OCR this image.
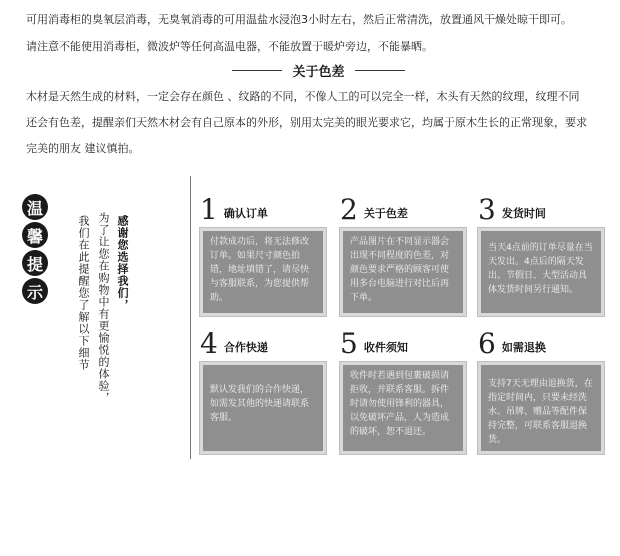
可用消毒柜的臭氧层消毒，无臭氧消毒的可用温盐水浸泡3小时左右，然后正常清洗，放置通风干燥处晾干即可。
请注意不能使用消毒柜，微波炉等任何高温电器，不能放置于暖炉旁边，不能暴晒。
关于色差
木材是天然生成的材料，一定会存在颜色 、纹路的不同，不像人工的可以完全一样，木头有天然的纹理，纹理不同
还会有色差，提醒亲们天然木材会有自己原本的外形，别用太完美的眼光要求它，均属于原木生长的正常现象，要求
完美的朋友 建议慎拍。
温
馨
提
示	感谢您选择我们，
为了让您在购物中有更愉悦的体验，
我们在此提醒您了解以下细节
1 确认订单
付款成功后，将无法修改订单。如果尺寸颜色拍错，地址填错了，请尽快与客服联系，为您提供帮助。
2 关于色差
产品图片在不同显示器会出现不同程度的色差，对颜色要求严格的顾客可使用多台电脑进行对比后再下单。
3 发货时间
当天4点前的订单尽量在当天发出。4点后的隔天发出。节假日、大型活动具体发货时间另行通知。
4 合作快递
默认发我们的合作快递，如需发其他的快递请联系客服。
5 收件须知
收件时若遇到包裹破损请拒收，并联系客服。拆件时请勿使用锋利的器具，以免破坏产品，人为造成的破坏，恕不退还。
6 如需退换
支持7天无理由退换货，在指定时间内，只要未经洗水、吊牌、赠品等配件保持完整，可联系客服退换货。
